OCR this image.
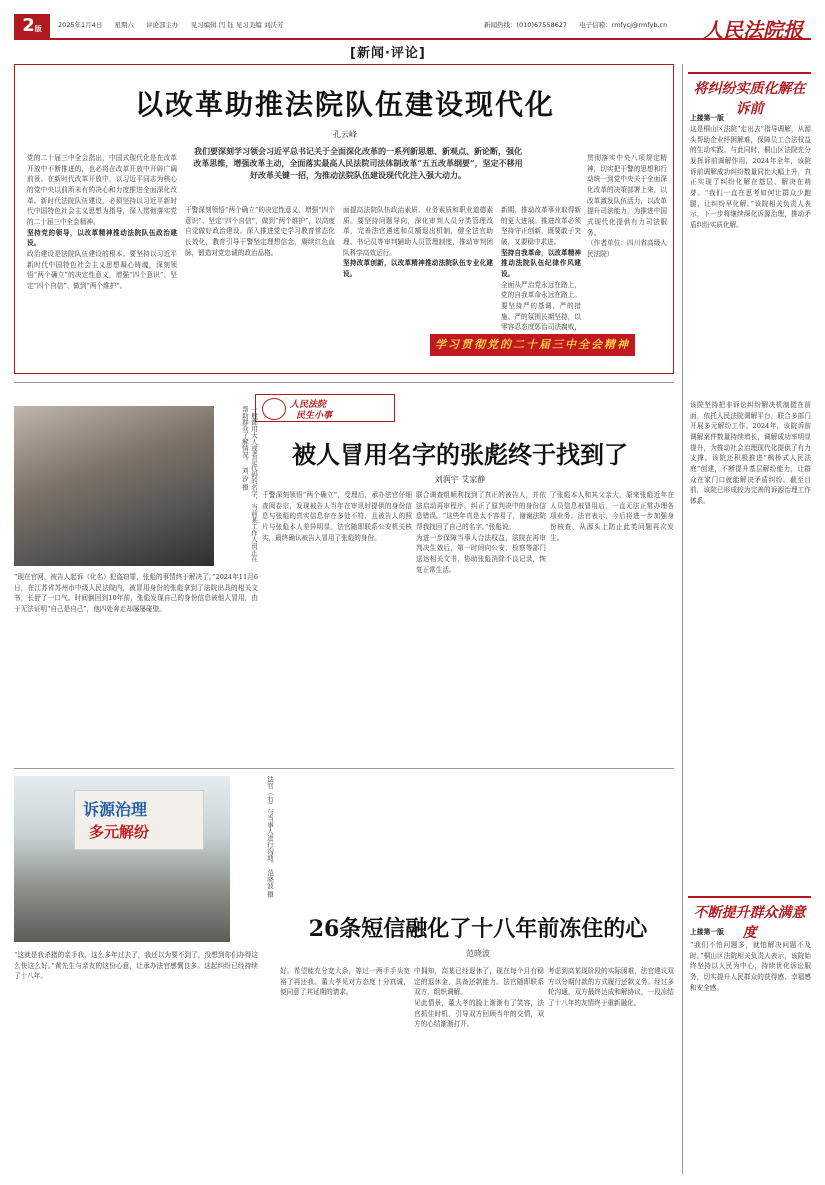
2版	2025年1月4日 星期六 评论部主办 见习编辑 闫 钰 见习美编 刘沃芳	新闻热线：(010)67558627 电子信箱：rmfycj@rmfyb.cn	人民法院报
[新闻·评论]
以改革助推法院队伍建设现代化
孔云峰
我们要深刻学习领会习近平总书记关于全面深化改革的一系列新思想、新观点、新论断，强化改革思维，增强改革主动，全面落实最高人民法院司法体制改革“五五改革纲要”，坚定不移用好改革关键一招，为推动法院队伍建设现代化注入强大动力。
党的二十届三中全会指出，中国式现代化是在改革开放中不断推进的，也必将在改革开放中开辟广阔前景。在新时代改革开放中，以习近平同志为核心的党中央以前所未有的决心和力度推进全面深化改革。新时代法院队伍建设，必须坚持以习近平新时代中国特色社会主义思想为指导，深入贯彻落实党的二十届三中全会精神。
坚持党的领导，以改革精神推动法院队伍政治建设。
政治建设是法院队伍建设的根本。要坚持以习近平新时代中国特色社会主义思想凝心铸魂，深刻领悟“两个确立”的决定性意义，增强“四个意识”、坚定“四个自信”、做到“两个维护”。
干警深刻领悟“两个确立”的决定性意义，增强“四个意识”、坚定“四个自信”，做到“两个维护”，以高度自觉做好政治建设。深入推进党史学习教育常态化长效化，教育引导干警坚定理想信念，赓续红色血脉，锻造对党忠诚的政治品格。
面提高法院队伍政治素质、业务素质和职业道德素质。要坚持问题导向，深化审判人员分类管理改革，完善法官遴选和员额退出机制，健全法官助理、书记员等审判辅助人员管理制度，推动审判团队科学高效运行。
坚持改革创新，以改革精神推动法院队伍专业化建设。
新期，推动改革事业取得新的更大进展。推进改革必须坚持守正创新，既要敢于突破，又要稳中求进。
坚持自我革命，以改革精神推动法院队伍纪律作风建设。
全面从严治党永远在路上，党的自我革命永远在路上。要坚持严的基调、严的措施、严的氛围长期坚持，以零容忍态度惩治司法腐败，
贯彻落实中央八项规定精神，切实把干警的思想和行动统一到党中央关于全面深化改革的决策部署上来，以改革激发队伍活力，以改革提升司法能力，为推进中国式现代化提供有力司法服务。
（作者单位：四川省高级人民法院）
学习贯彻党的二十届三中全会精神
将纠纷实质化解在诉前
上接第一版
这是桐山区法院“走出去”指导调解，从源头帮助企业纾困解难，保障员工合法权益的生动实践。与此同时，桐山区法院充分发挥诉前调解作用，2024年全年，该院诉前调解成功纠纷数量同比大幅上升，真正实现了纠纷化解在基层、解决在萌芽。“我们一直在思考如何让群众少跑腿、让纠纷早化解。”该院相关负责人表示，下一步将继续深化诉源治理，推动矛盾纠纷实质化解。
人民法院
民生小事
被人冒用名字的张彪终于找到了
刘润宇 艾家静
一般都用大人或者是代码的名字，当前某工作人员正在帮助群众了解情况。 刘 汐 摄
“现在官网，被告人起诉（化名）犯盗窃罪，张彪的事情终于解决了。”2024年11月6日，在江苏省苏州市中级人民法院内，被冒用身份的张彪拿到了法院出具的相关文书，长舒了一口气。时间倒回到10年前，张彪发现自己的身份信息被他人冒用，由于无法证明“自己是自己”，他四处奔走却屡屡碰壁。
千警深刻领悟“两个确立”，受理后，承办法官仔细查阅卷宗，发现被告人当年在审讯时提供的身份信息与张彪的真实信息存在多处不符，且被告人的照片与张彪本人差异明显。法官随即联系公安机关核实，最终确认被告人冒用了张彪的身份。
联合调查组顺利找到了真正的被告人，并依法启动再审程序，纠正了原判决中的身份信息错误。“这些年真是太不容易了，谢谢法院帮我找回了自己的名字。”张彪说。
为进一步保障当事人合法权益，法院在再审判决生效后，第一时间向公安、检察等部门送达相关文书，协助张彪消除不良记录，恢复正常生活。
了张彪本人和其父亲大，原来张彪近年在人员信息被冒用后，一直无法正常办理各项业务。法官表示，今后将进一步加强身份核查，从源头上防止此类问题再次发生。
该院坚持把非诉讼纠纷解决机制挺在前面，依托人民法院调解平台，联合多部门开展多元解纷工作。2024年，该院诉前调解案件数量持续增长，调解成功率明显提升，为推动社会治理现代化提供了有力支撑。该院还积极推进“枫桥式人民法庭”创建，不断提升基层解纷能力，让群众在家门口就能解决矛盾纠纷。截至目前，该院已形成较为完善的诉源治理工作体系。
诉源治理
多元解纷	法官（右）与当事人进行沟通。 范晓波 摄
26条短信融化了十八年前冻住的心
范晓波
“这就是我杀猪的亲手我，这么多年过去了，我还以为要不到了，没想到你们办得这么快这么好。”黄先生与亲友的这份心意，让承办法官感慨良多。这起纠纷已经持续了十八年。
好。希望能充分宽大条，等过一两手手头宽裕了再还我。董大孝见对方态度十分真诚，便同意了其延期的请求。
中拥知，高某已经退休了，现在每个月有稳定的退休金，具备还款能力。法官随即联系双方，组织调解。
见此情景，董大孝的脸上渐渐有了笑容，法官抓住时机，引导双方回顾当年的交情，双方的心结渐渐打开。
考虑到高某现阶段的实际困难，法官建议双方以分期付款的方式履行还款义务。经过多轮沟通，双方最终达成和解协议，一段冻结了十八年的友情终于重新融化。
不断提升群众满意度
上接第一版
“我们不怕问题多，就怕解决问题不及时。”桐山区法院相关负责人表示，该院始终坚持以人民为中心，持续优化诉讼服务，切实提升人民群众的获得感、幸福感和安全感。
